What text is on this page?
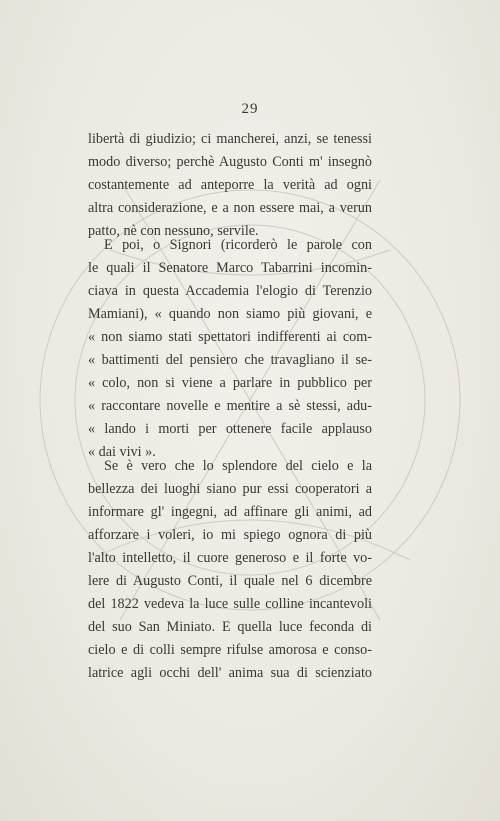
29
libertà di giudizio; ci mancherei, anzi, se tenessi
modo diverso; perchè Augusto Conti m' insegnò
costantemente ad anteporre la verità ad ogni
altra considerazione, e a non essere mai, a verun
patto, nè con nessuno, servile.
E poi, o Signori (ricorderò le parole con
le quali il Senatore Marco Tabarrini incomin-
ciava in questa Accademia l'elogio di Terenzio
Mamiani), « quando non siamo più giovani, e
« non siamo stati spettatori indifferenti ai com-
« battimenti del pensiero che travagliano il se-
« colo, non si viene a parlare in pubblico per
« raccontare novelle e mentire a sè stessi, adu-
« lando i morti per ottenere facile applauso
« dai vivi ».
Se è vero che lo splendore del cielo e la
bellezza dei luoghi siano pur essi cooperatori a
informare gl' ingegni, ad affinare gli animi, ad
afforzare i voleri, io mi spiego ognora di più
l'alto intelletto, il cuore generoso e il forte vo-
lere di Augusto Conti, il quale nel 6 dicembre
del 1822 vedeva la luce sulle colline incantevoli
del suo San Miniato. E quella luce feconda di
cielo e di colli sempre rifulse amorosa e conso-
latrice agli occhi dell' anima sua di scienziato
